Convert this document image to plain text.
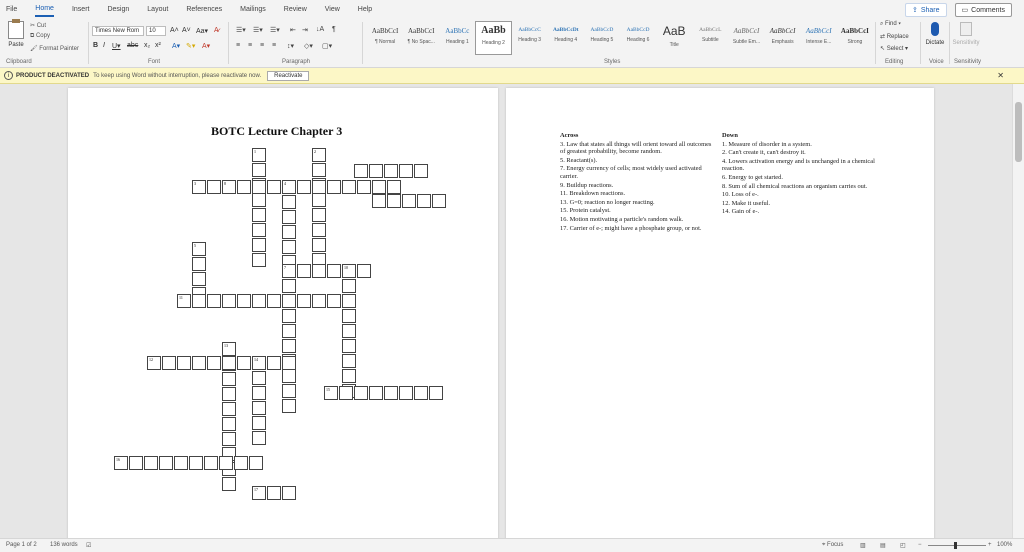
File	Home	Insert	Design	Layout	References	Mailings	Review	View	Help	⇪ Share	▭ Comments
Paste
✂ Cut
⧉ Copy
🖌 Format Painter
Clipboard
Times New Rom	10	A˄ A˅ Aa▾ A̷
B I U▾ abc x₂ x² A▾ ✎▾ A▾
Font
☰▾ ☰▾ ☰▾ ⇤ ⇥ ↓A ¶
≡ ≡ ≡ ≡ ↕▾ ◇▾ ▢▾
Paragraph
AaBbCcI
¶ Normal
AaBbCcI
¶ No Spac...
AaBbCc
Heading 1
AaBb
Heading 2
AaBbCcC
Heading 3
AaBbCcDt
Heading 4
AaBbCcD
Heading 5
AaBbCcD
Heading 6
AaB
Title
AaBbCcL
Subtitle
AaBbCcI
Subtle Em...
AaBbCcI
Emphasis
AaBbCcI
Intense E...
AaBbCcI
Strong
Styles
⌕ Find ▾
⇄ Replace
↖ Select ▾
Editing
Dictate
Voice
Sensitivity
Sensitivity
i	PRODUCT DEACTIVATED To keep using Word without interruption, please reactivate now.	Reactivate	✕
BOTC Lecture Chapter 3
1	2
3	8	4
5
7	10
11
13
12	14
15
16
17
Across
3. Law that states all things will orient toward all outcomes of greatest probability, become random.
5. Reactant(s).
7. Energy currency of cells; most widely used activated carrier.
9. Buildup reactions.
11. Breakdown reactions.
13. G=0; reaction no longer reacting.
15. Protein catalyst.
16. Motion motivating a particle's random walk.
17. Carrier of e-; might have a phosphate group, or not.
Down
1. Measure of disorder in a system.
2. Can't create it, can't destroy it.
4. Lowers activation energy and is unchanged in a chemical reaction.
6. Energy to get started.
8. Sum of all chemical reactions an organism carries out.
10. Loss of e-.
12. Make it useful.
14. Gain of e-.
Page 1 of 2 136 words ☑	⌖ Focus	▥ ▤ ◰ −	+ 100%
